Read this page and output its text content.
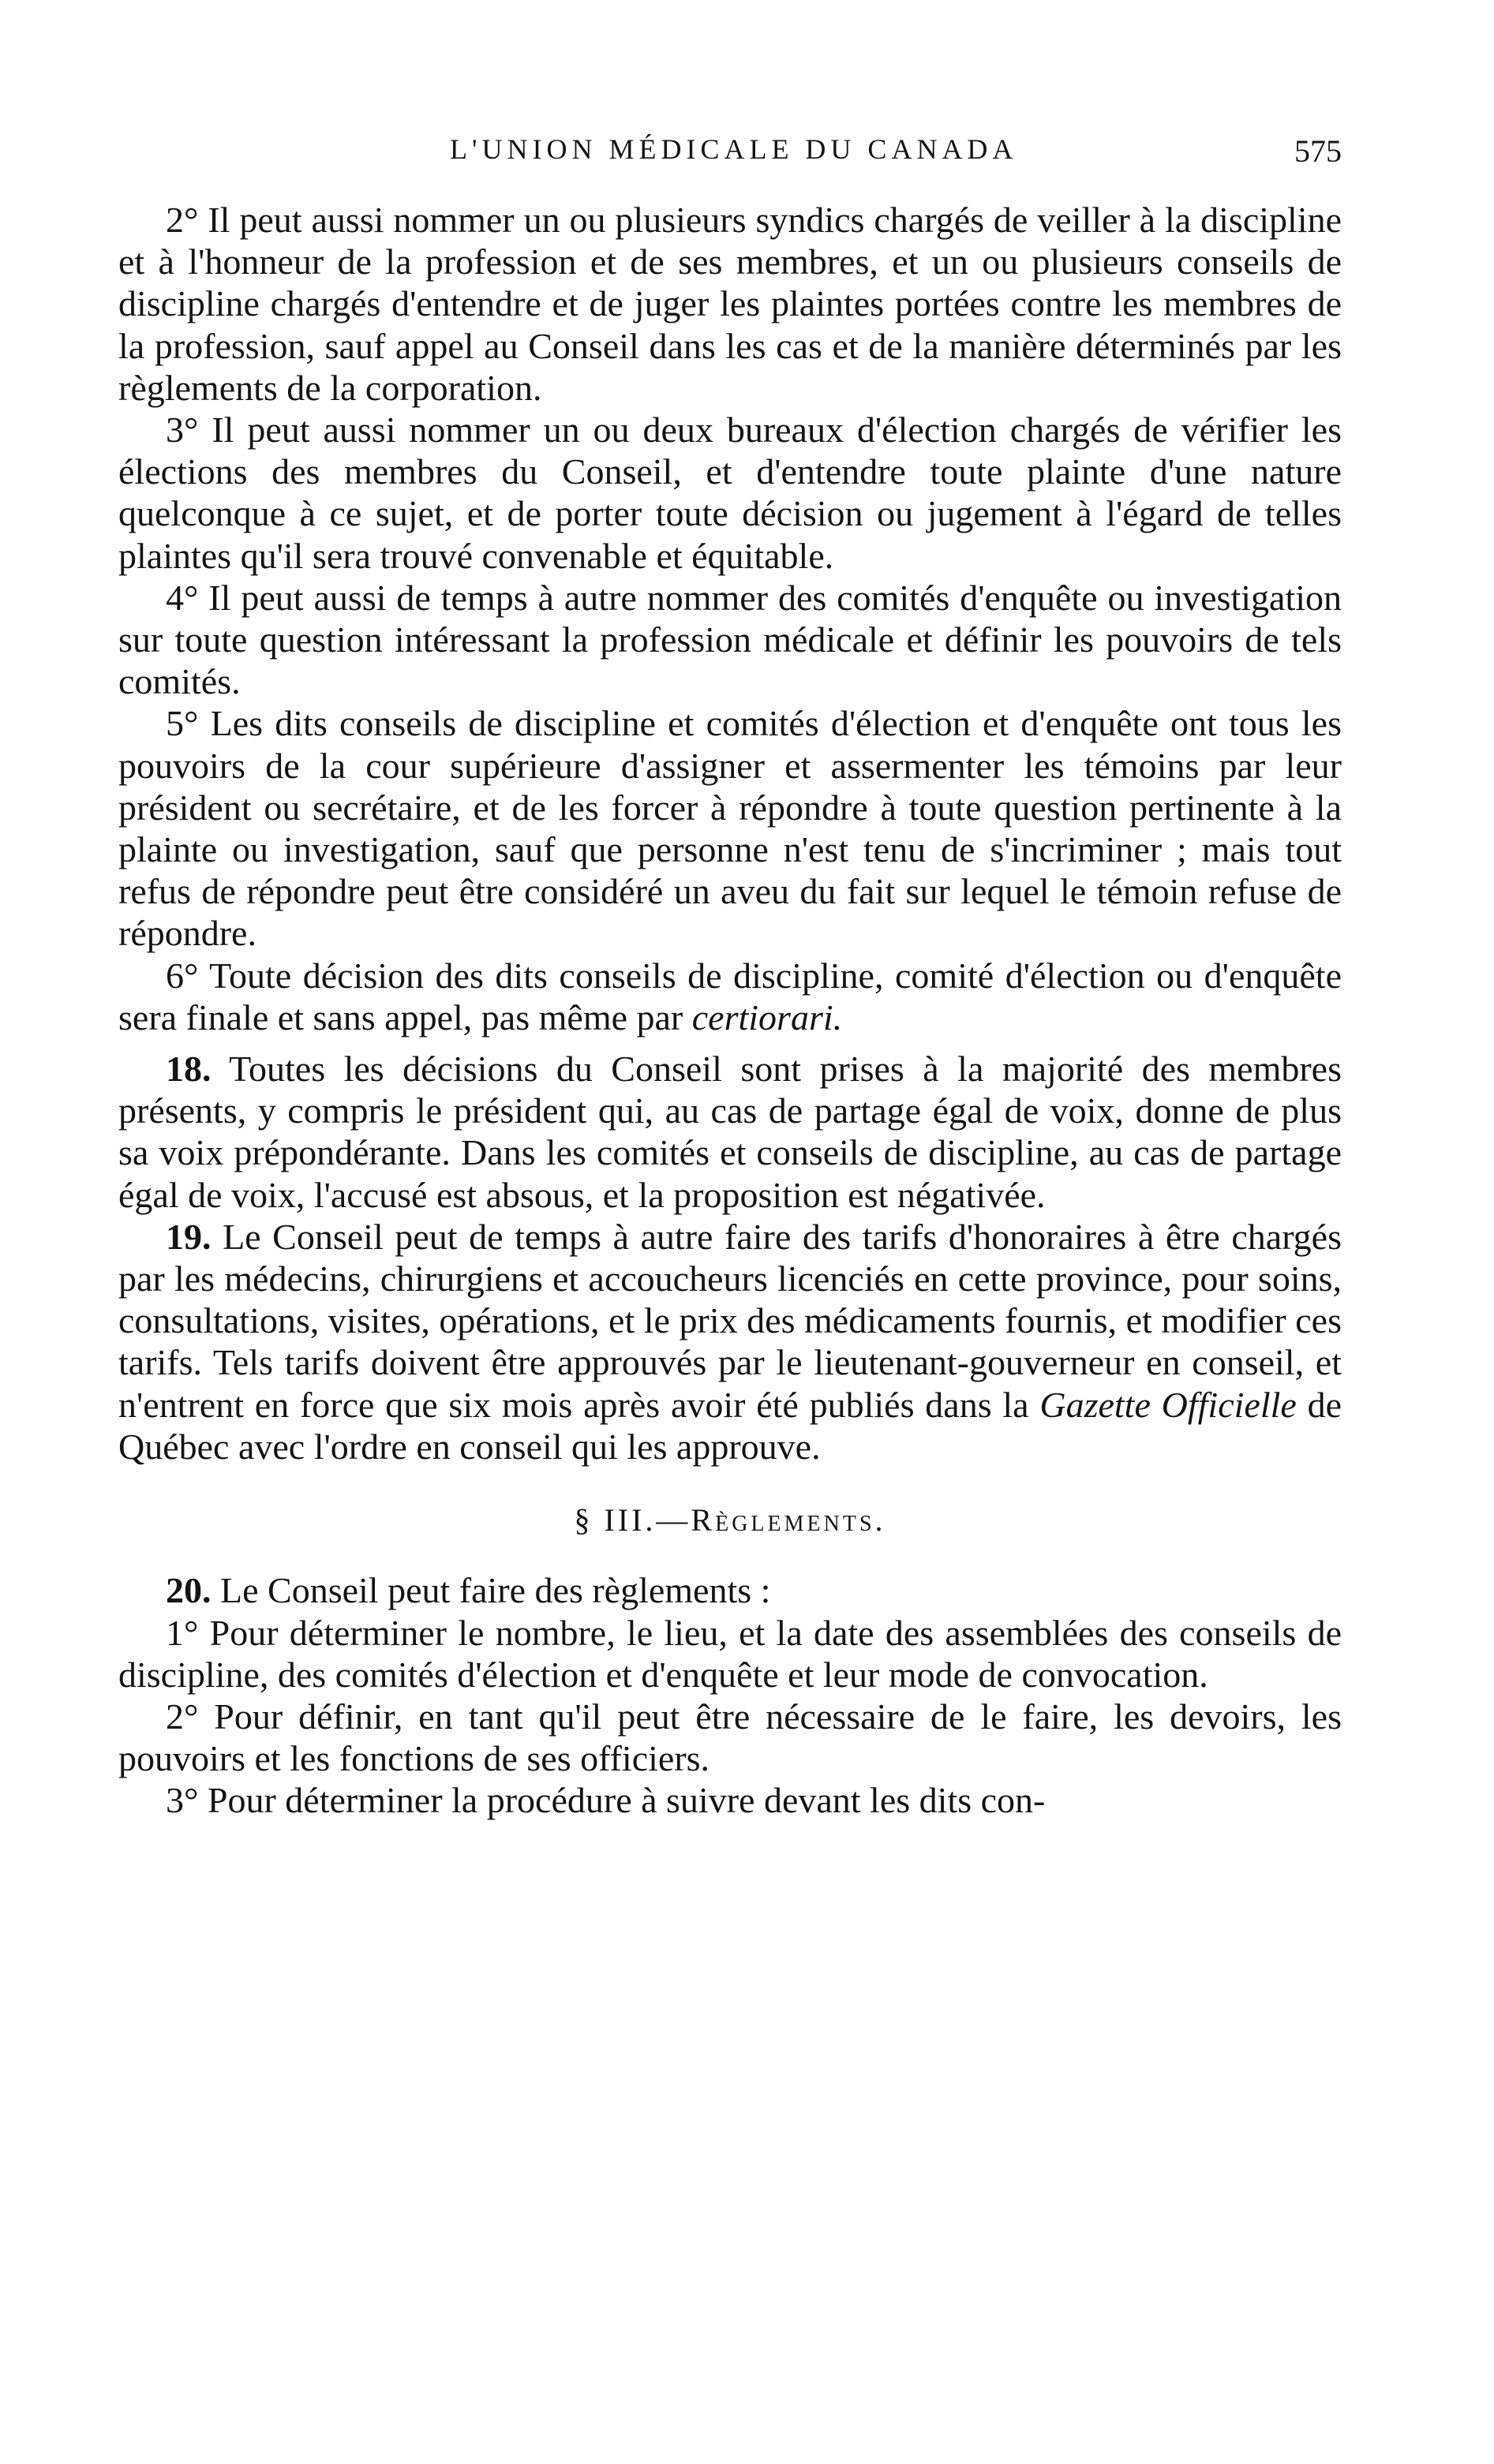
L'UNION MÉDICALE DU CANADA	575

2° Il peut aussi nommer un ou plusieurs syndics chargés de veiller à la discipline et à l'honneur de la profession et de ses membres, et un ou plusieurs conseils de discipline chargés d'entendre et de juger les plaintes portées contre les membres de la profession, sauf appel au Conseil dans les cas et de la manière déterminés par les règlements de la corporation.

3° Il peut aussi nommer un ou deux bureaux d'élection chargés de vérifier les élections des membres du Conseil, et d'entendre toute plainte d'une nature quelconque à ce sujet, et de porter toute décision ou jugement à l'égard de telles plaintes qu'il sera trouvé convenable et équitable.

4° Il peut aussi de temps à autre nommer des comités d'enquête ou investigation sur toute question intéressant la profession médicale et définir les pouvoirs de tels comités.

5° Les dits conseils de discipline et comités d'élection et d'enquête ont tous les pouvoirs de la cour supérieure d'assigner et assermenter les témoins par leur président ou secrétaire, et de les forcer à répondre à toute question pertinente à la plainte ou investigation, sauf que personne n'est tenu de s'incriminer ; mais tout refus de répondre peut être considéré un aveu du fait sur lequel le témoin refuse de répondre.

6° Toute décision des dits conseils de discipline, comité d'élection ou d'enquête sera finale et sans appel, pas même par certiorari.

18. Toutes les décisions du Conseil sont prises à la majorité des membres présents, y compris le président qui, au cas de partage égal de voix, donne de plus sa voix prépondérante. Dans les comités et conseils de discipline, au cas de partage égal de voix, l'accusé est absous, et la proposition est négativée.

19. Le Conseil peut de temps à autre faire des tarifs d'honoraires à être chargés par les médecins, chirurgiens et accoucheurs licenciés en cette province, pour soins, consultations, visites, opérations, et le prix des médicaments fournis, et modifier ces tarifs. Tels tarifs doivent être approuvés par le lieutenant-gouverneur en conseil, et n'entrent en force que six mois après avoir été publiés dans la Gazette Officielle de Québec avec l'ordre en conseil qui les approuve.

§ III.—Règlements.

20. Le Conseil peut faire des règlements :

1° Pour déterminer le nombre, le lieu, et la date des assemblées des conseils de discipline, des comités d'élection et d'enquête et leur mode de convocation.

2° Pour définir, en tant qu'il peut être nécessaire de le faire, les devoirs, les pouvoirs et les fonctions de ses officiers.

3° Pour déterminer la procédure à suivre devant les dits con-
